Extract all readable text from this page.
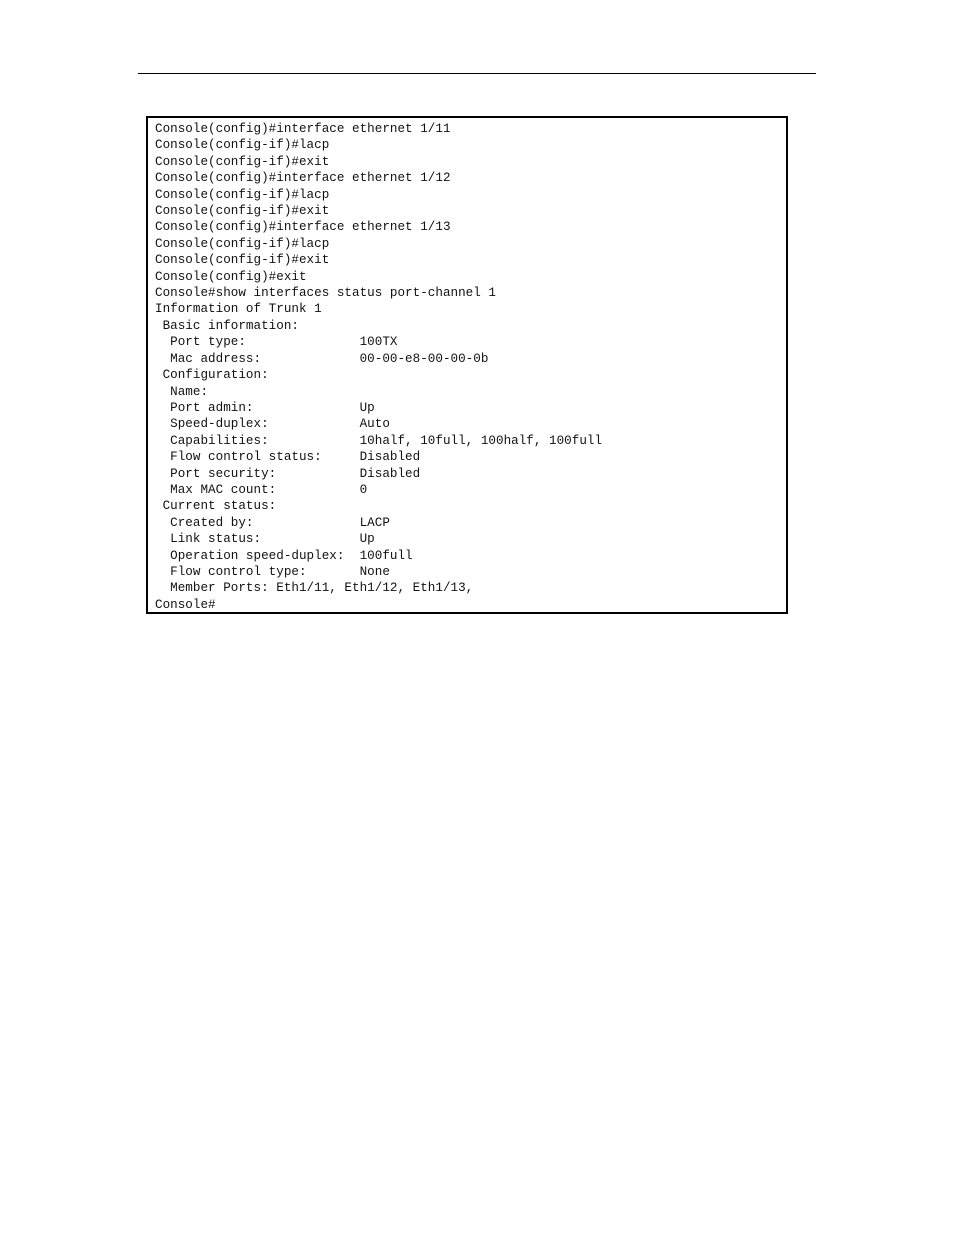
Console(config)#interface ethernet 1/11
Console(config-if)#lacp
Console(config-if)#exit
Console(config)#interface ethernet 1/12
Console(config-if)#lacp
Console(config-if)#exit
Console(config)#interface ethernet 1/13
Console(config-if)#lacp
Console(config-if)#exit
Console(config)#exit
Console#show interfaces status port-channel 1
Information of Trunk 1
Basic information:
Port type:               100TX
Mac address:             00-00-e8-00-00-0b
Configuration:
Name:
Port admin:              Up
Speed-duplex:            Auto
Capabilities:            10half, 10full, 100half, 100full
Flow control status:     Disabled
Port security:           Disabled
Max MAC count:           0
Current status:
Created by:              LACP
Link status:             Up
Operation speed-duplex:  100full
Flow control type:       None
Member Ports: Eth1/11, Eth1/12, Eth1/13,
Console#
